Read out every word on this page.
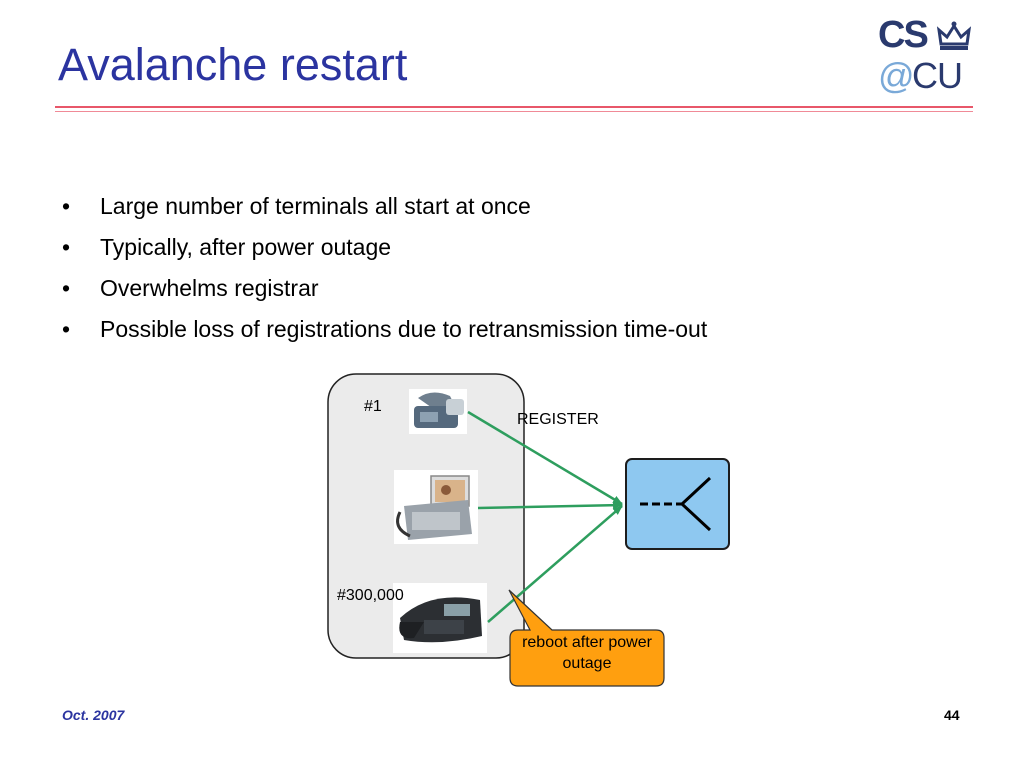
Avalanche restart
CS
@
CU
• Large number of terminals all start at once
• Typically, after power outage
• Overwhelms registrar
• Possible loss of registrations due to retransmission time-out
#1
REGISTER
#300,000
reboot after power outage
Oct. 2007	44
